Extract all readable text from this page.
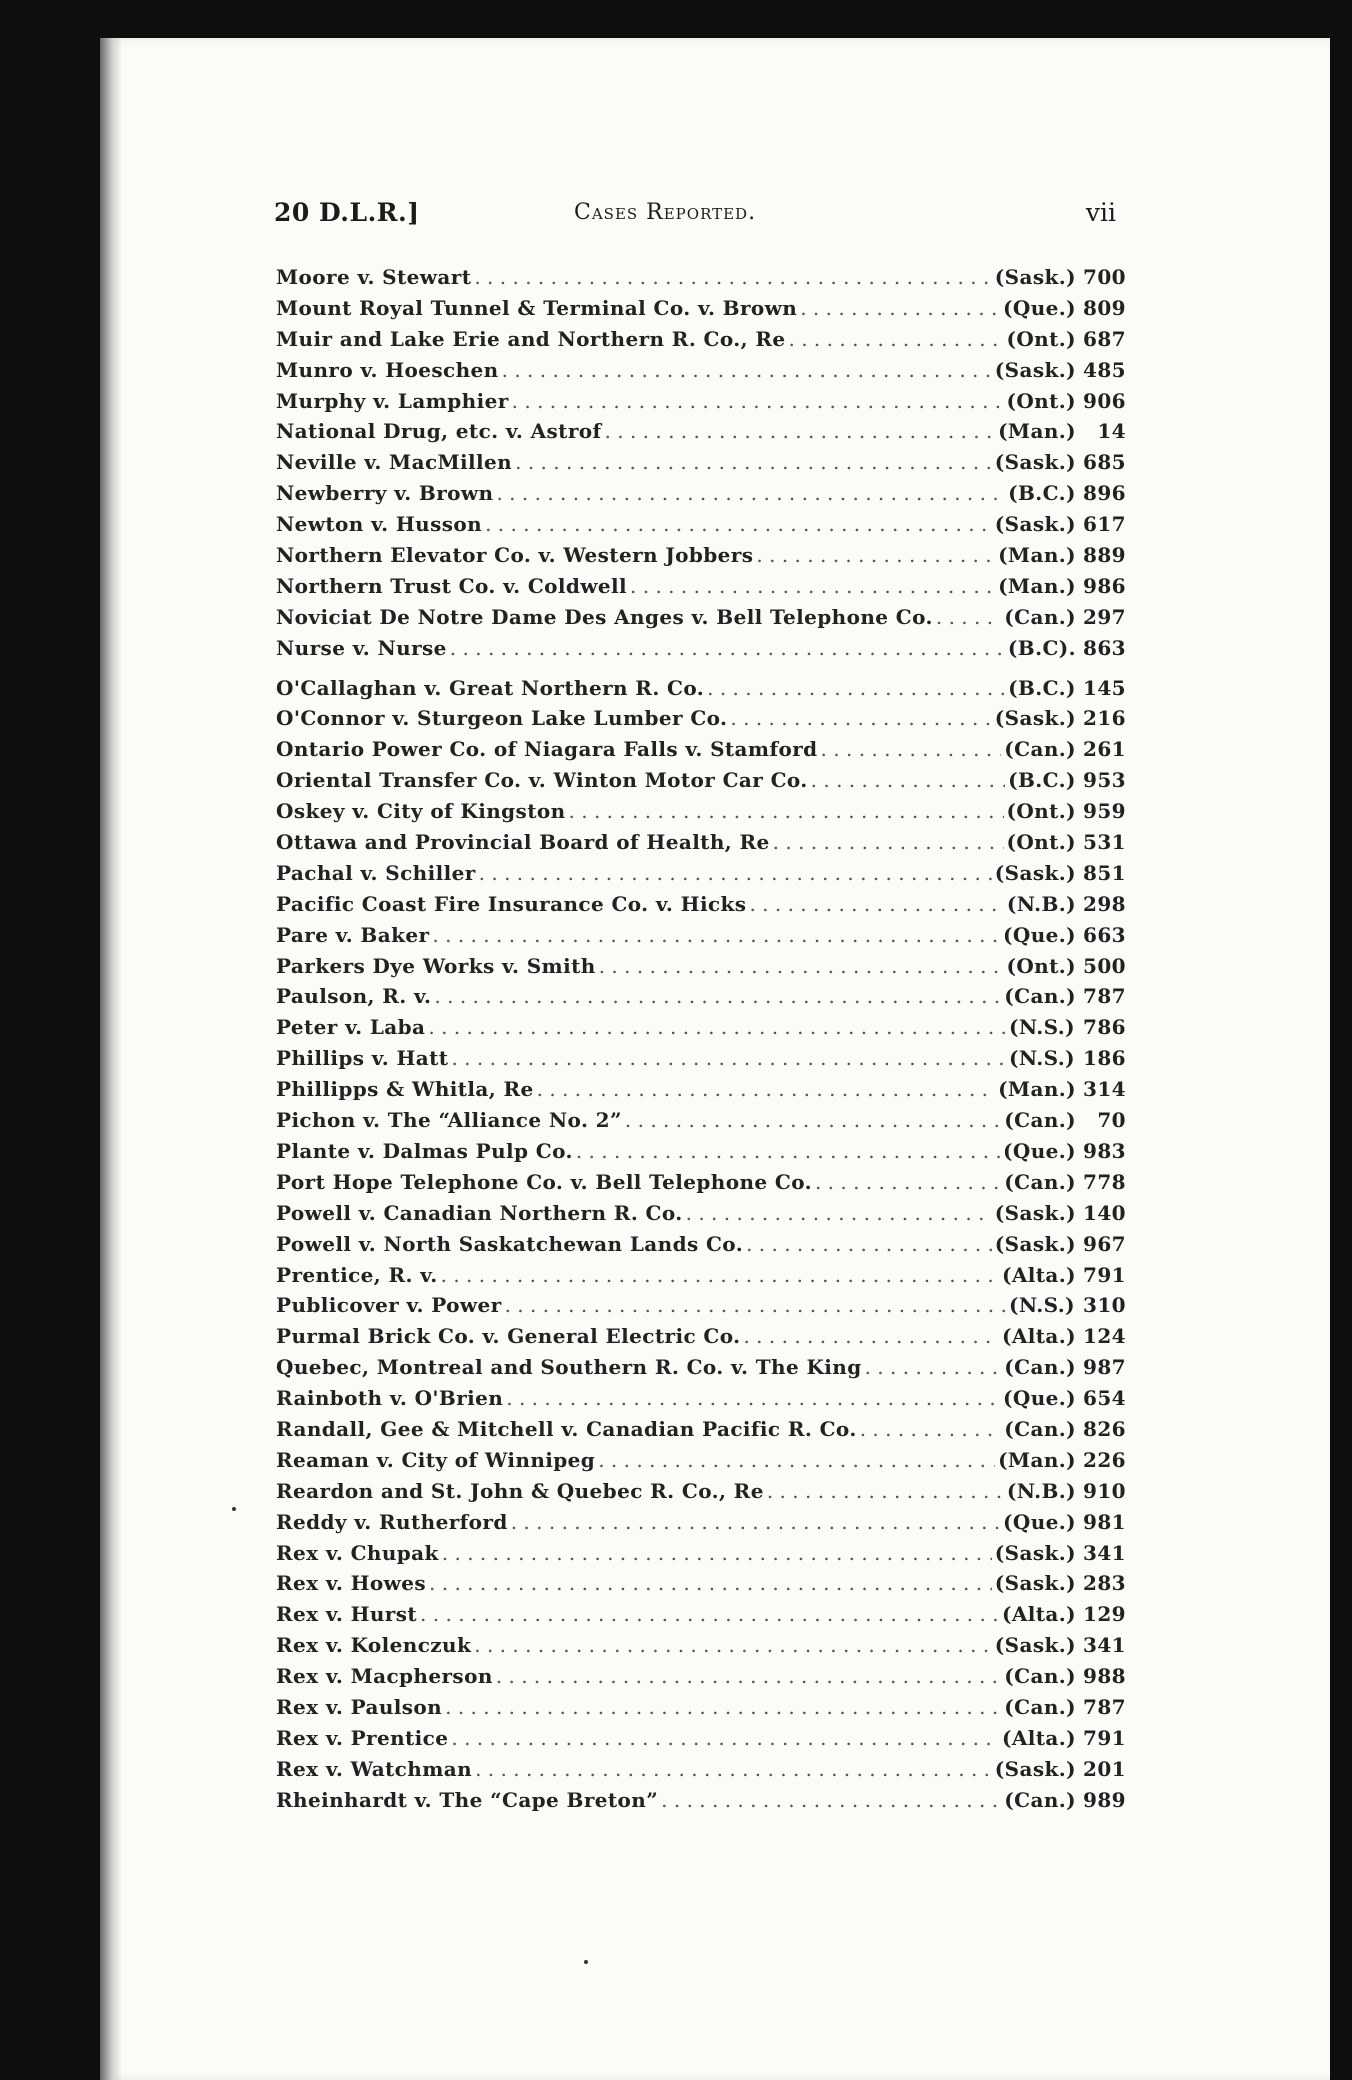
20 D.L.R.]	Cases Reported.	vii
Moore v. Stewart . . .	(Sask.) 700
Mount Royal Tunnel & Terminal Co. v. Brown . . .	(Que.) 809
Muir and Lake Erie and Northern R. Co., Re . . .	(Ont.) 687
Munro v. Hoeschen . . .	(Sask.) 485
Murphy v. Lamphier . . .	(Ont.) 906
National Drug, etc. v. Astrof . . .	(Man.)	14
Neville v. MacMillen . . .	(Sask.) 685
Newberry v. Brown . . .	(B.C.) 896
Newton v. Husson . . .	(Sask.) 617
Northern Elevator Co. v. Western Jobbers . . .	(Man.) 889
Northern Trust Co. v. Coldwell . . .	(Man.) 986
Noviciat De Notre Dame Des Anges v. Bell Telephone Co. . . .	(Can.) 297
Nurse v. Nurse . . .	(B.C). 863
O'Callaghan v. Great Northern R. Co. . . .	(B.C.) 145
O'Connor v. Sturgeon Lake Lumber Co. . . .	(Sask.) 216
Ontario Power Co. of Niagara Falls v. Stamford . . .	(Can.) 261
Oriental Transfer Co. v. Winton Motor Car Co. . . .	(B.C.) 953
Oskey v. City of Kingston . . .	(Ont.) 959
Ottawa and Provincial Board of Health, Re . . .	(Ont.) 531
Pachal v. Schiller . . .	(Sask.) 851
Pacific Coast Fire Insurance Co. v. Hicks . . .	(N.B.) 298
Pare v. Baker . . .	(Que.) 663
Parkers Dye Works v. Smith . . .	(Ont.) 500
Paulson, R. v. . . .	(Can.) 787
Peter v. Laba . . .	(N.S.) 786
Phillips v. Hatt . . .	(N.S.) 186
Phillipps & Whitla, Re . . .	(Man.) 314
Pichon v. The “Alliance No. 2” . . .	(Can.)	70
Plante v. Dalmas Pulp Co. . . .	(Que.) 983
Port Hope Telephone Co. v. Bell Telephone Co. . . .	(Can.) 778
Powell v. Canadian Northern R. Co. . . .	(Sask.) 140
Powell v. North Saskatchewan Lands Co. . . .	(Sask.) 967
Prentice, R. v. . . .	(Alta.) 791
Publicover v. Power . . .	(N.S.) 310
Purmal Brick Co. v. General Electric Co. . . .	(Alta.) 124
Quebec, Montreal and Southern R. Co. v. The King . . .	(Can.) 987
Rainboth v. O'Brien . . .	(Que.) 654
Randall, Gee & Mitchell v. Canadian Pacific R. Co. . . .	(Can.) 826
Reaman v. City of Winnipeg . . .	(Man.) 226
Reardon and St. John & Quebec R. Co., Re . . .	(N.B.) 910
Reddy v. Rutherford . . .	(Que.) 981
Rex v. Chupak . . .	(Sask.) 341
Rex v. Howes . . .	(Sask.) 283
Rex v. Hurst . . .	(Alta.) 129
Rex v. Kolenczuk . . .	(Sask.) 341
Rex v. Macpherson . . .	(Can.) 988
Rex v. Paulson . . .	(Can.) 787
Rex v. Prentice . . .	(Alta.) 791
Rex v. Watchman . . .	(Sask.) 201
Rheinhardt v. The “Cape Breton” . . .	(Can.) 989
